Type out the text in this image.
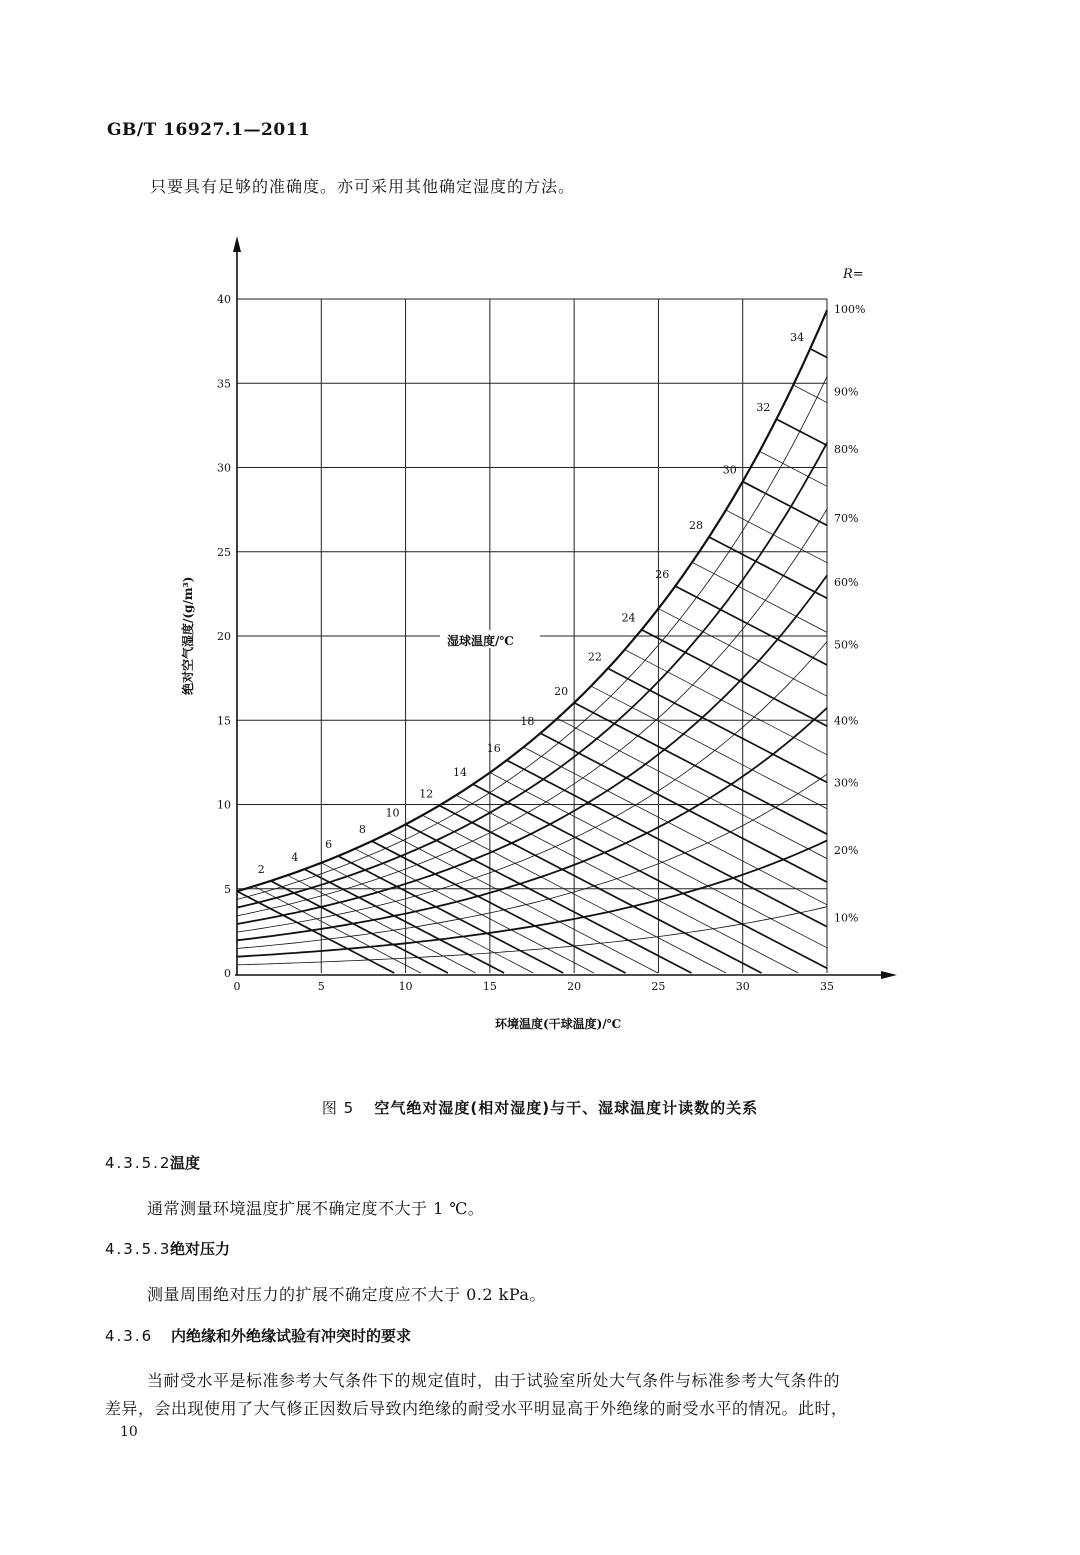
GB/T 16927.1—2011
只要具有足够的准确度。亦可采用其他确定湿度的方法。
R=
湿球温度/℃
环境温度(干球温度)/℃
绝对空气湿度/(g/m³)
0	5	10	15	20	25	30	35
0
5
10
15
20
25
30
35
40
2
4
6
8
10
12
14
16
18
20
22
24
26
28
30
32
34
100%
90%
80%
70%
60%
50%
40%
30%
20%
10%
图 5 空气绝对湿度(相对湿度)与干、湿球温度计读数的关系
4.3.5.2温度
通常测量环境温度扩展不确定度不大于 1 ℃。
4.3.5.3绝对压力
测量周围绝对压力的扩展不确定度应不大于 0.2 kPa。
4.3.6 内绝缘和外绝缘试验有冲突时的要求
当耐受水平是标准参考大气条件下的规定值时，由于试验室所处大气条件与标准参考大气条件的
差异，会出现使用了大气修正因数后导致内绝缘的耐受水平明显高于外绝缘的耐受水平的情况。此时，
10
